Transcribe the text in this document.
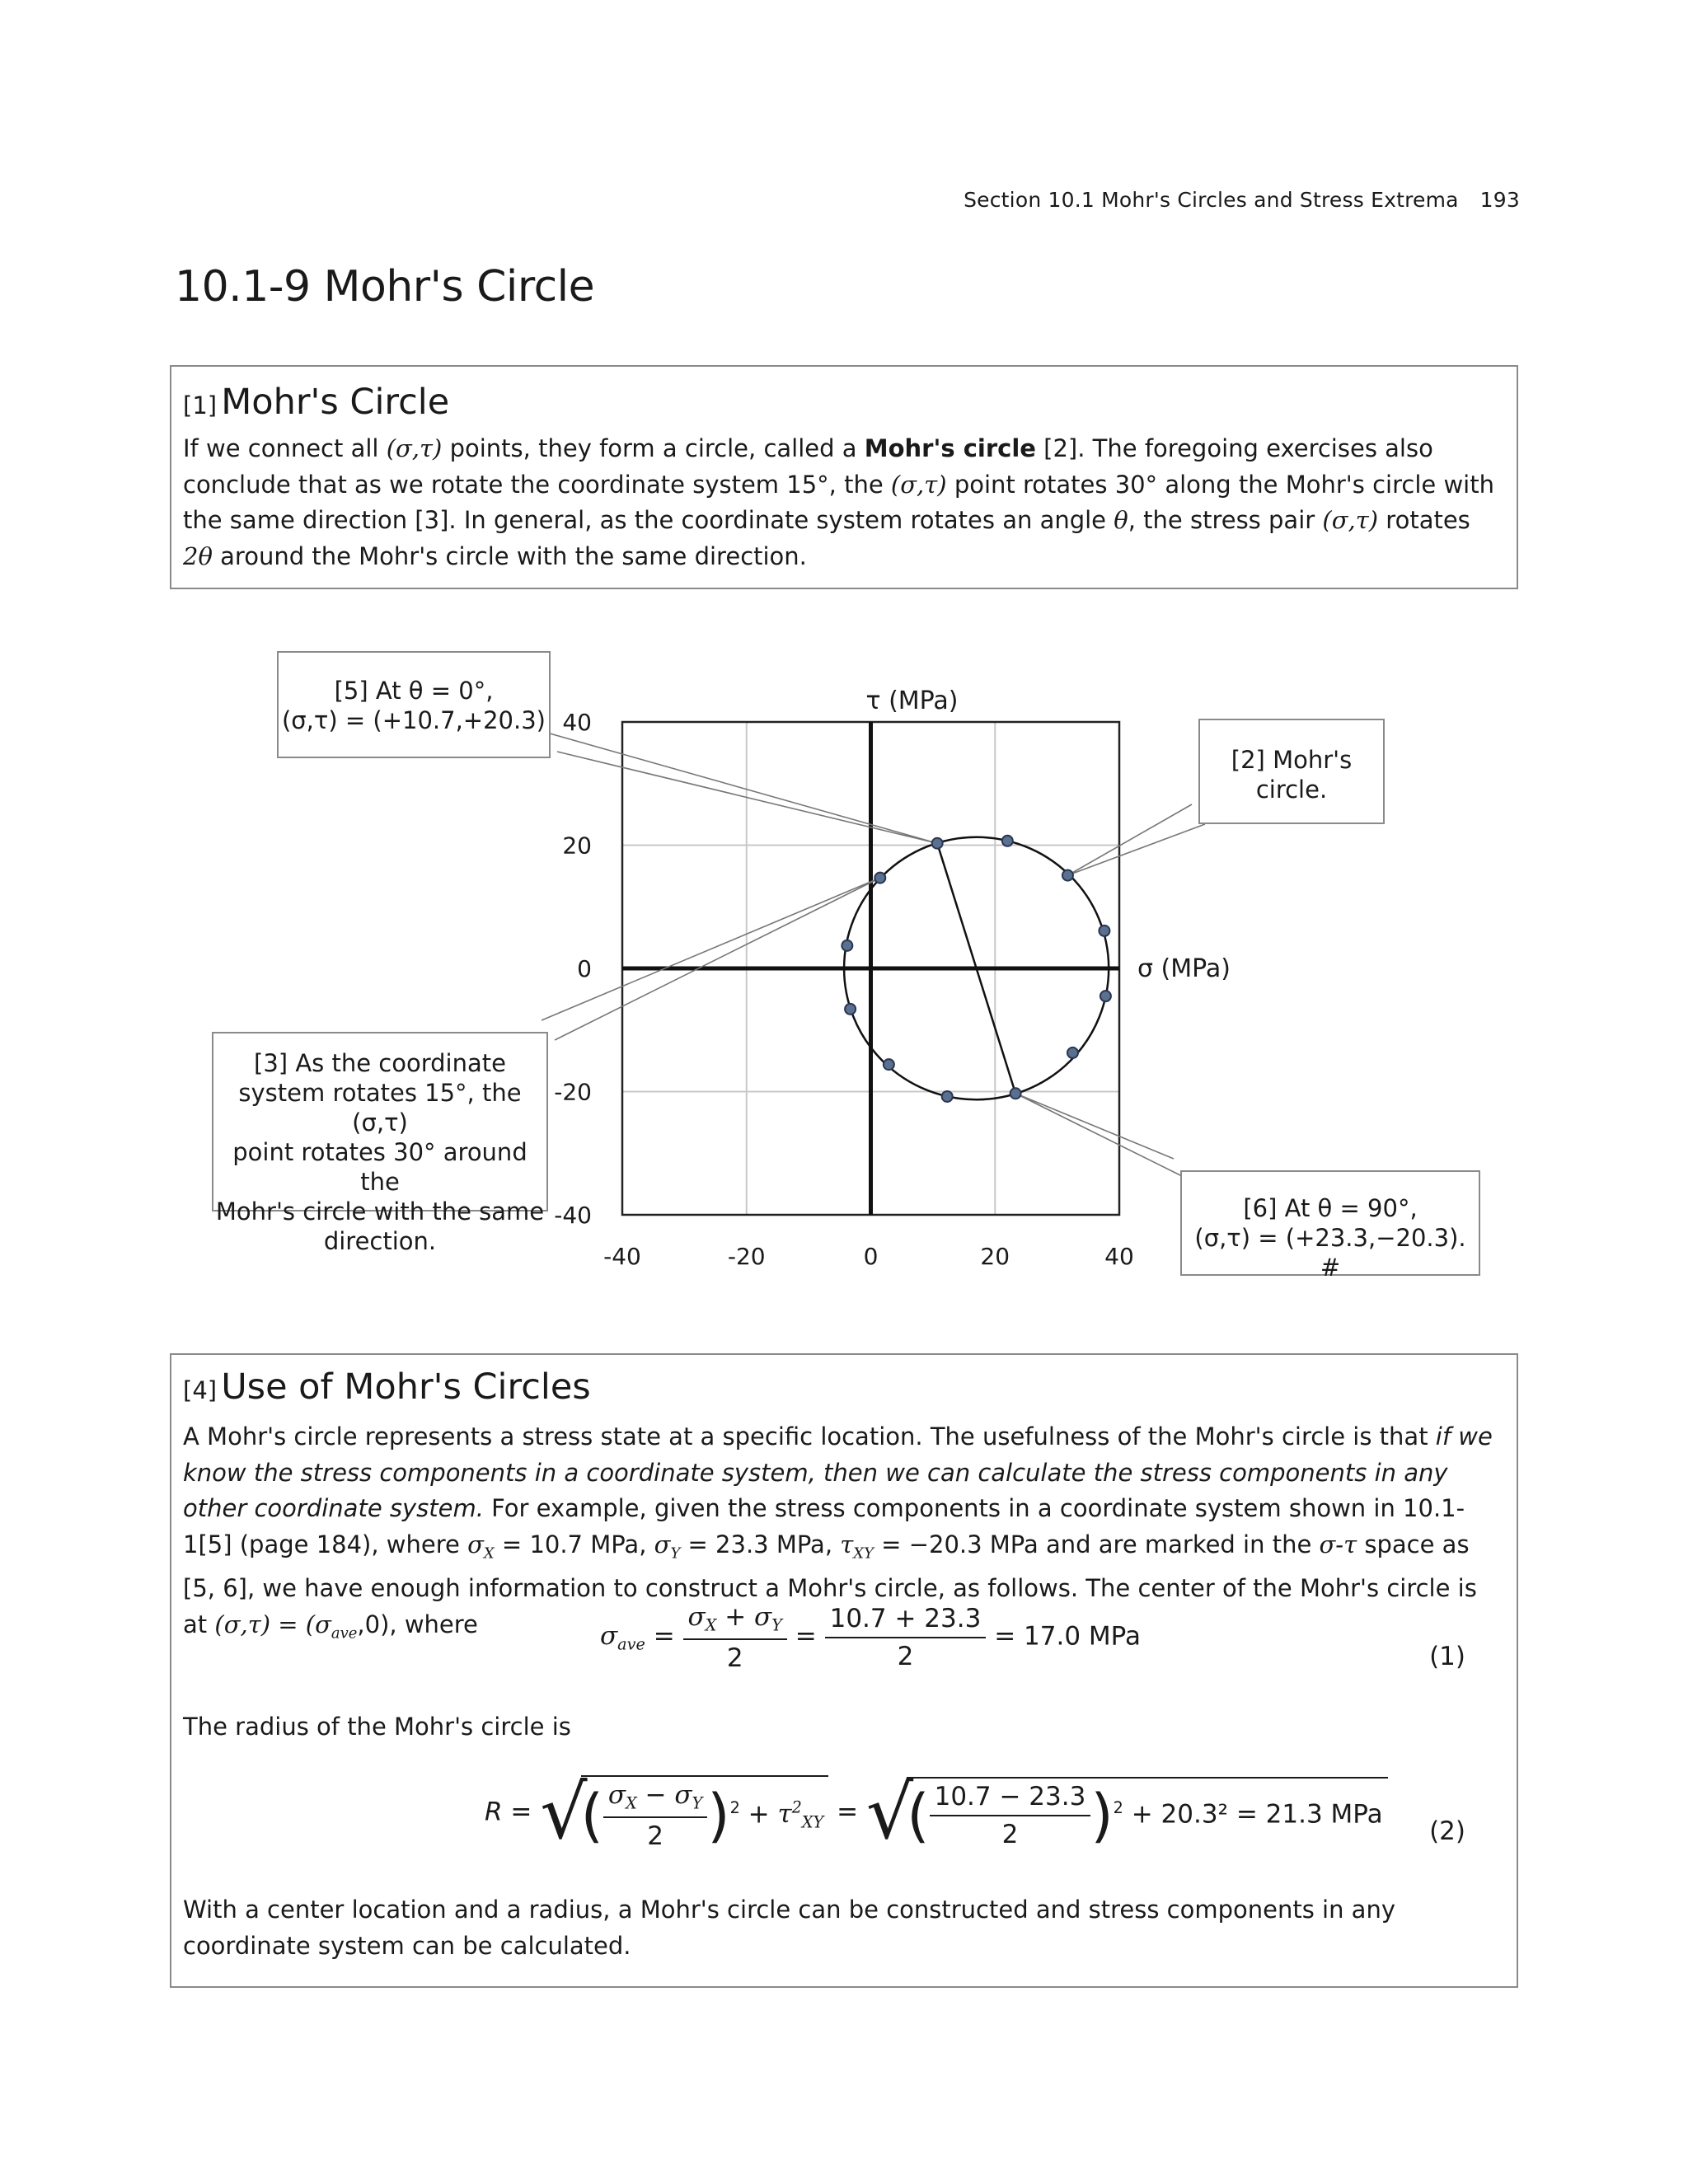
Section 10.1 Mohr's Circles and Stress Extrema 193
10.1-9 Mohr's Circle
[1] Mohr's Circle
If we connect all (σ,τ) points, they form a circle, called a Mohr's circle [2]. The foregoing exercises also conclude that as we rotate the coordinate system 15°, the (σ,τ) point rotates 30° along the Mohr's circle with the same direction [3]. In general, as the coordinate system rotates an angle θ, the stress pair (σ,τ) rotates 2θ around the Mohr's circle with the same direction.
40
20
0
-20
-40
-40	-20	0	20	40
τ (MPa)
σ (MPa)
[5] At θ = 0°,
(σ,τ) = (+10.7,+20.3)
[2] Mohr's
circle.
[3] As the coordinate
system rotates 15°, the (σ,τ)
point rotates 30° around the
Mohr's circle with the same
direction.
[6] At θ = 90°,
(σ,τ) = (+23.3,−20.3). #
[4] Use of Mohr's Circles
A Mohr's circle represents a stress state at a specific location. The usefulness of the Mohr's circle is that if we know the stress components in a coordinate system, then we can calculate the stress components in any other coordinate system. For example, given the stress components in a coordinate system shown in 10.1-1[5] (page 184), where $\sigma_X = 10.7$ MPa, $\sigma_Y = 23.3$ MPa, $\tau_{XY} = -20.3$ MPa and are marked in the σ-τ space as [5, 6], we have enough information to construct a Mohr's circle, as follows. The center of the Mohr's circle is at $(\sigma,\tau) = (\sigma_{ave},0)$, where	$\sigma_{ave} = \frac{\sigma_X + \sigma_Y}{2} = \frac{10.7 + 23.3}{2} = 17.0$ MPa
(1)
The radius of the Mohr's circle is
R = √( $\frac{\sigma_X - \sigma_Y}{2} )^2 + \tau^2_{XY}$ = √( $\frac{10.7 - 23.3}{2} )^2 + 20.3^2 = 21.3$ MPa
(2)
With a center location and a radius, a Mohr's circle can be constructed and stress components in any coordinate system can be calculated.
